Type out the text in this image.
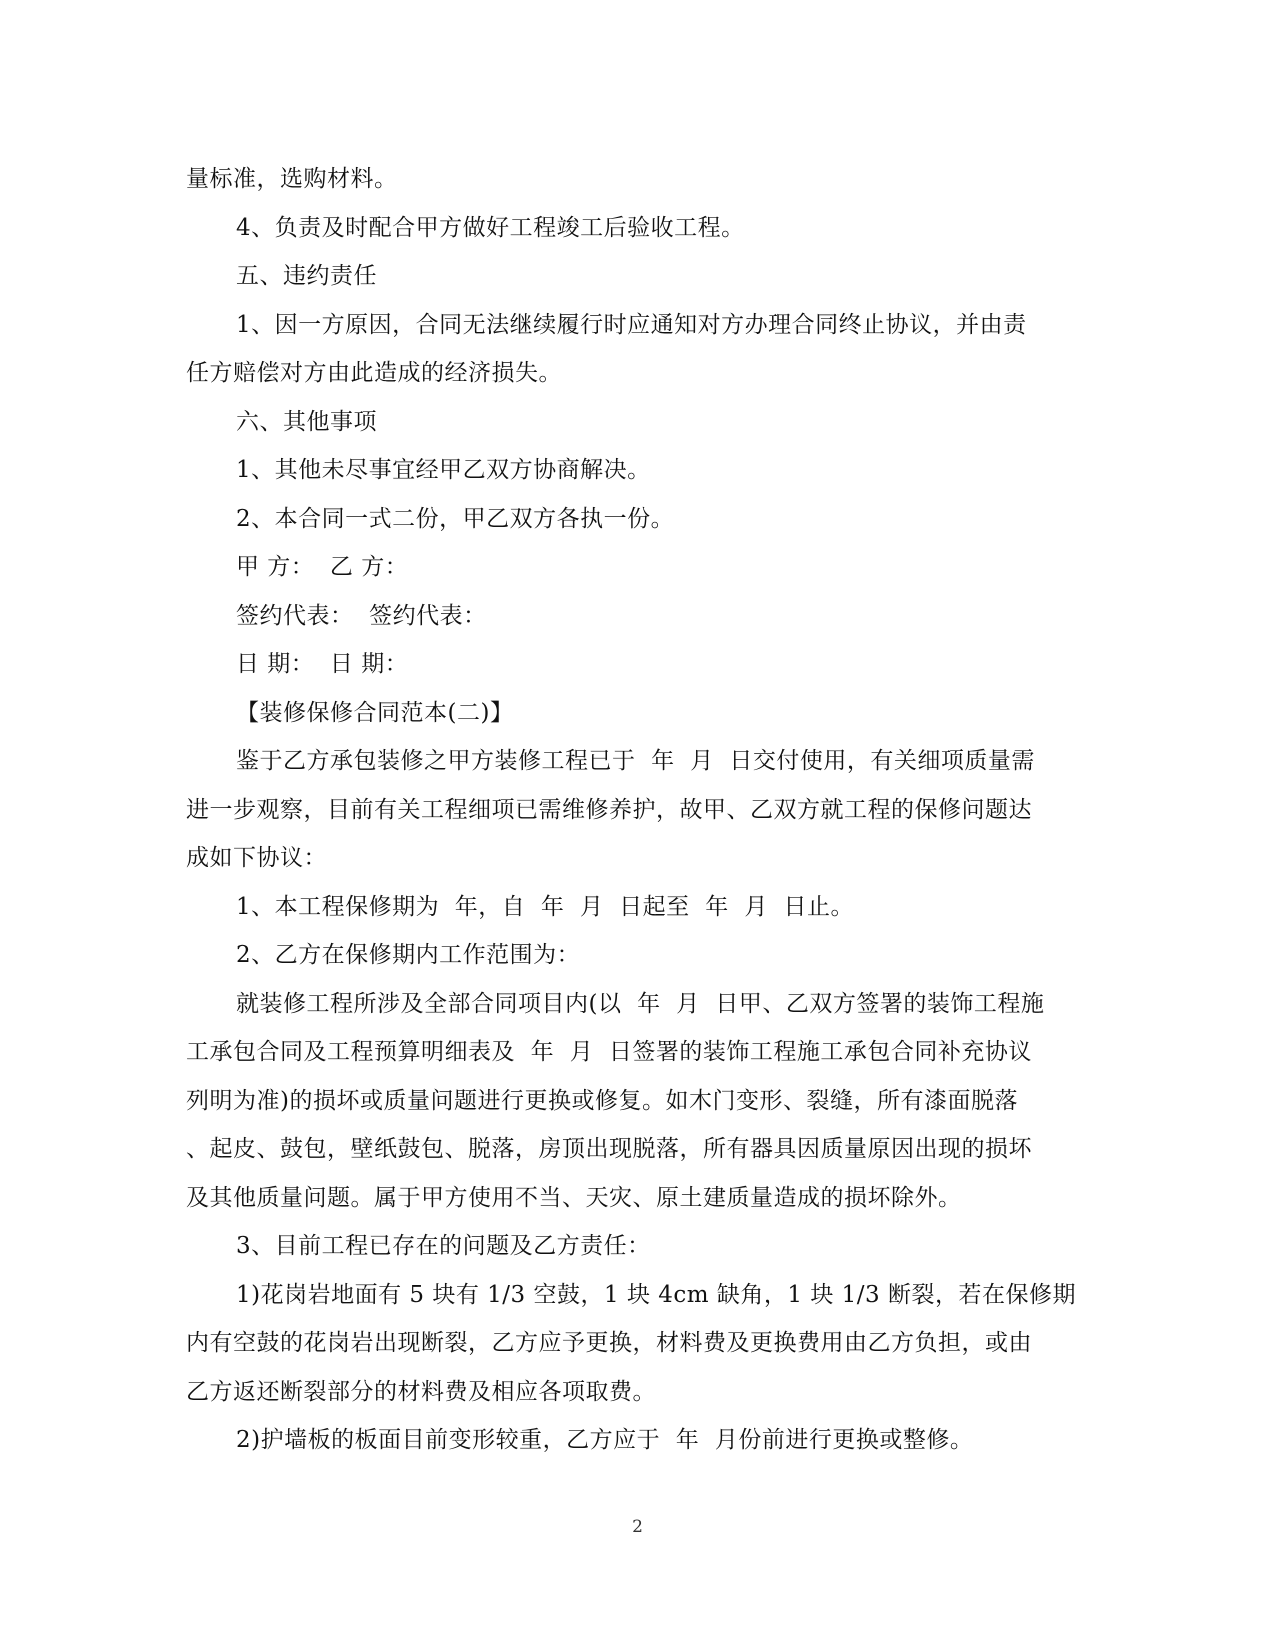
量标准，选购材料。
4、负责及时配合甲方做好工程竣工后验收工程。
五、违约责任
1、因一方原因，合同无法继续履行时应通知对方办理合同终止协议，并由责
任方赔偿对方由此造成的经济损失。
六、其他事项
1、其他未尽事宜经甲乙双方协商解决。
2、本合同一式二份，甲乙双方各执一份。
甲 方：  乙 方：
签约代表：  签约代表：
日 期：  日 期：
【装修保修合同范本(二)】
鉴于乙方承包装修之甲方装修工程已于  年  月  日交付使用，有关细项质量需
进一步观察，目前有关工程细项已需维修养护，故甲、乙双方就工程的保修问题达
成如下协议：
1、本工程保修期为  年，自  年  月  日起至  年  月  日止。
2、乙方在保修期内工作范围为：
就装修工程所涉及全部合同项目内(以  年  月  日甲、乙双方签署的装饰工程施
工承包合同及工程预算明细表及  年  月  日签署的装饰工程施工承包合同补充协议
列明为准)的损坏或质量问题进行更换或修复。如木门变形、裂缝，所有漆面脱落
、起皮、鼓包，壁纸鼓包、脱落，房顶出现脱落，所有器具因质量原因出现的损坏
及其他质量问题。属于甲方使用不当、天灾、原土建质量造成的损坏除外。
3、目前工程已存在的问题及乙方责任：
1)花岗岩地面有 5 块有 1/3 空鼓，1 块 4cm 缺角，1 块 1/3 断裂，若在保修期
内有空鼓的花岗岩出现断裂，乙方应予更换，材料费及更换费用由乙方负担，或由
乙方返还断裂部分的材料费及相应各项取费。
2)护墙板的板面目前变形较重，乙方应于  年  月份前进行更换或整修。
2
